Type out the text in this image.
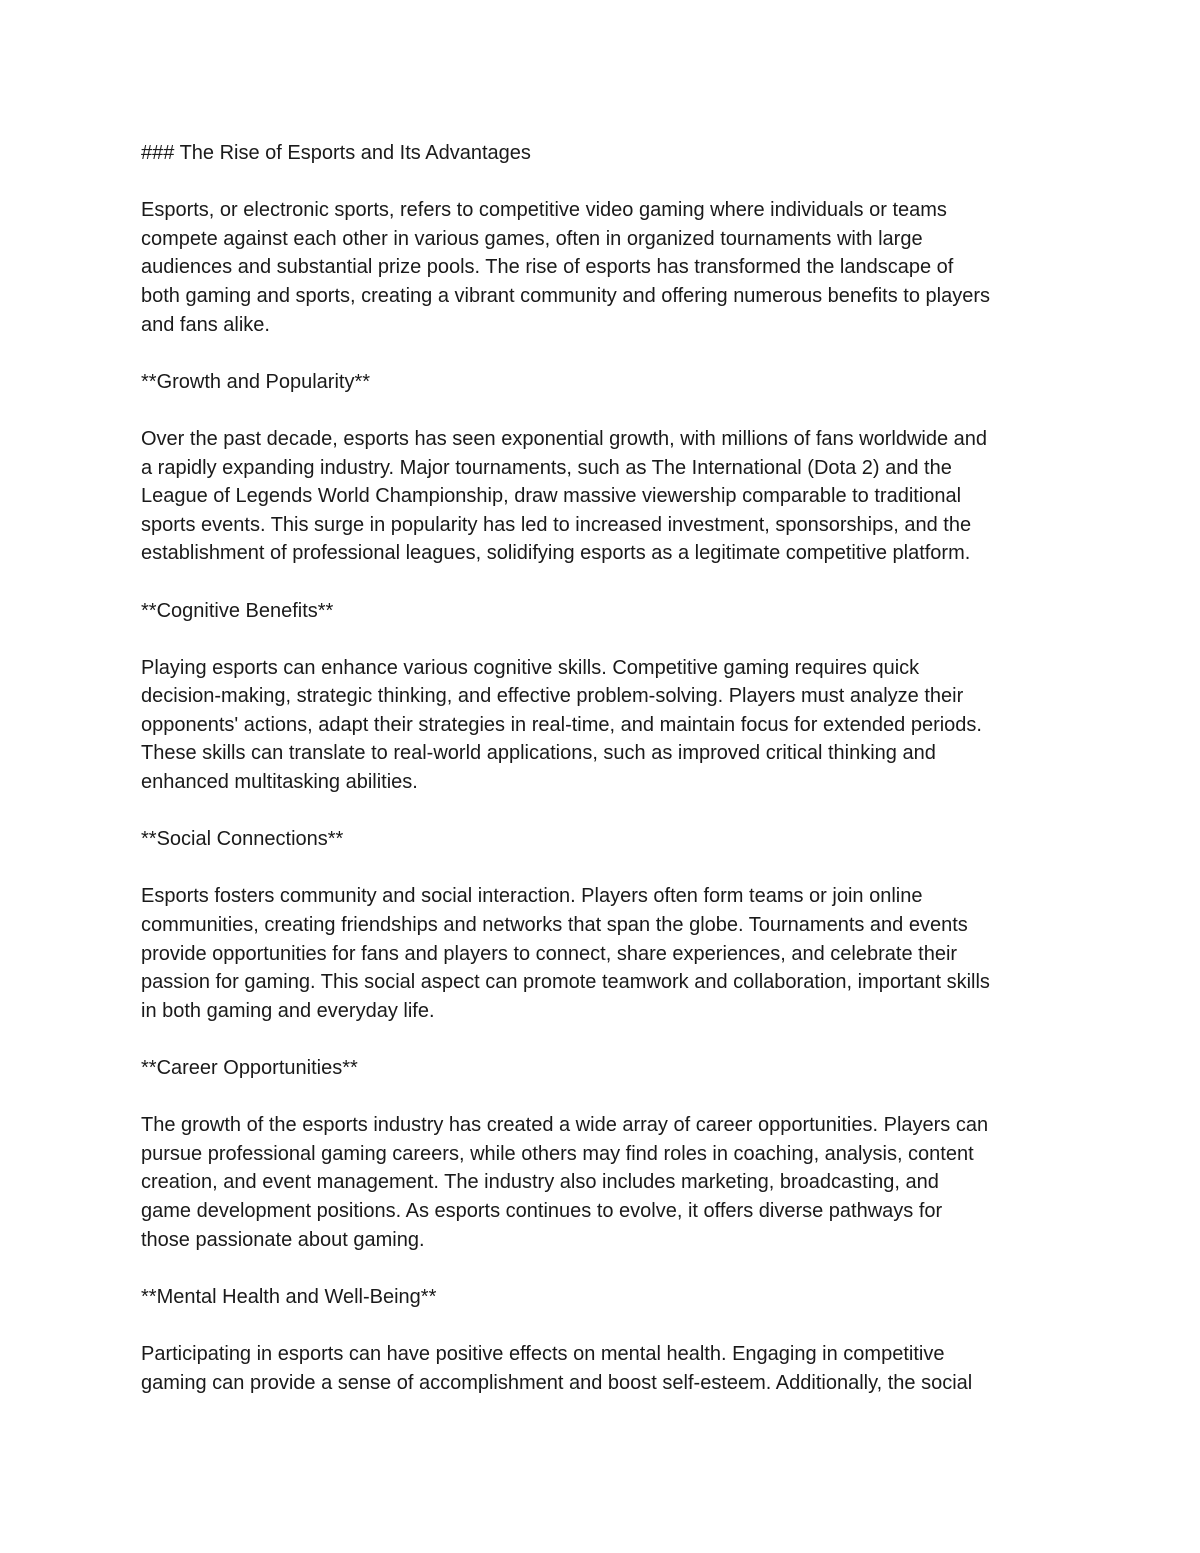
### The Rise of Esports and Its Advantages

Esports, or electronic sports, refers to competitive video gaming where individuals or teams
compete against each other in various games, often in organized tournaments with large
audiences and substantial prize pools. The rise of esports has transformed the landscape of
both gaming and sports, creating a vibrant community and offering numerous benefits to players
and fans alike.

**Growth and Popularity**

Over the past decade, esports has seen exponential growth, with millions of fans worldwide and
a rapidly expanding industry. Major tournaments, such as The International (Dota 2) and the
League of Legends World Championship, draw massive viewership comparable to traditional
sports events. This surge in popularity has led to increased investment, sponsorships, and the
establishment of professional leagues, solidifying esports as a legitimate competitive platform.

**Cognitive Benefits**

Playing esports can enhance various cognitive skills. Competitive gaming requires quick
decision-making, strategic thinking, and effective problem-solving. Players must analyze their
opponents' actions, adapt their strategies in real-time, and maintain focus for extended periods.
These skills can translate to real-world applications, such as improved critical thinking and
enhanced multitasking abilities.

**Social Connections**

Esports fosters community and social interaction. Players often form teams or join online
communities, creating friendships and networks that span the globe. Tournaments and events
provide opportunities for fans and players to connect, share experiences, and celebrate their
passion for gaming. This social aspect can promote teamwork and collaboration, important skills
in both gaming and everyday life.

**Career Opportunities**

The growth of the esports industry has created a wide array of career opportunities. Players can
pursue professional gaming careers, while others may find roles in coaching, analysis, content
creation, and event management. The industry also includes marketing, broadcasting, and
game development positions. As esports continues to evolve, it offers diverse pathways for
those passionate about gaming.

**Mental Health and Well-Being**

Participating in esports can have positive effects on mental health. Engaging in competitive
gaming can provide a sense of accomplishment and boost self-esteem. Additionally, the social
